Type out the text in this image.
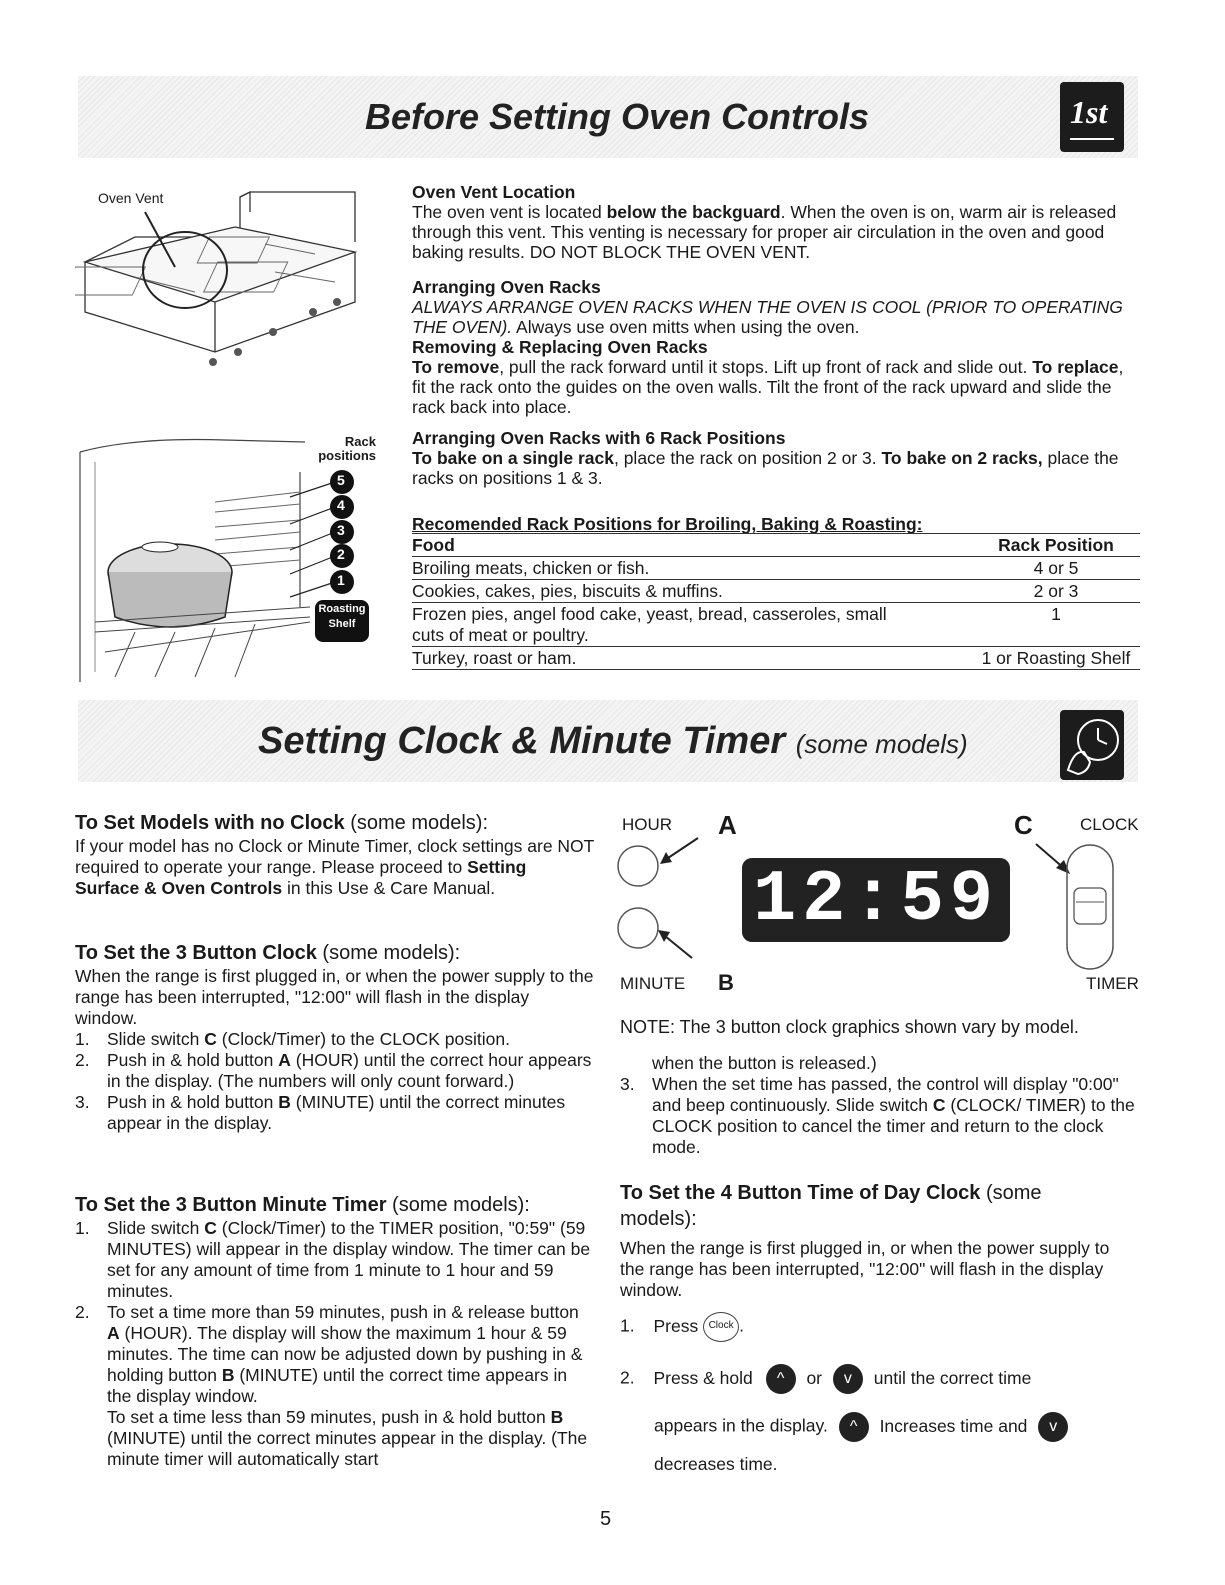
Before Setting Oven Controls	1st
Oven Vent
5
4
3
2
1
Roasting Shelf
Rack positions
Oven Vent Location
The oven vent is located below the backguard. When the oven is on, warm air is released through this vent. This venting is necessary for proper air circulation in the oven and good baking results. DO NOT BLOCK THE OVEN VENT.
Arranging Oven Racks
ALWAYS ARRANGE OVEN RACKS WHEN THE OVEN IS COOL (PRIOR TO OPERATING THE OVEN). Always use oven mitts when using the oven.
Removing & Replacing Oven Racks
To remove, pull the rack forward until it stops. Lift up front of rack and slide out. To replace, fit the rack onto the guides on the oven walls. Tilt the front of the rack upward and slide the rack back into place.
Arranging Oven Racks with 6 Rack Positions
To bake on a single rack, place the rack on position 2 or 3. To bake on 2 racks, place the racks on positions 1 & 3.
Recomended Rack Positions for Broiling, Baking & Roasting:
Food	Rack Position
Broiling meats, chicken or fish.	4 or 5
Cookies, cakes, pies, biscuits & muffins.	2 or 3
Frozen pies, angel food cake, yeast, bread, casseroles, small	1
cuts of meat or poultry.
Turkey, roast or ham.	1 or Roasting Shelf
Setting Clock & Minute Timer (some models)
To Set Models with no Clock (some models):
If your model has no Clock or Minute Timer, clock settings are NOT required to operate your range. Please proceed to Setting Surface & Oven Controls in this Use & Care Manual.
To Set the 3 Button Clock (some models):
When the range is first plugged in, or when the power supply to the range has been interrupted, "12:00" will flash in the display window.
1. Slide switch C (Clock/Timer) to the CLOCK position.
2. Push in & hold button A (HOUR) until the correct hour appears in the display. (The numbers will only count forward.)
3. Push in & hold button B (MINUTE) until the correct minutes appear in the display.
To Set the 3 Button Minute Timer (some models):
1. Slide switch C (Clock/Timer) to the TIMER position, "0:59" (59 MINUTES) will appear in the display window. The timer can be set for any amount of time from 1 minute to 1 hour and 59 minutes.
2. To set a time more than 59 minutes, push in & release button A (HOUR). The display will show the maximum 1 hour & 59 minutes. The time can now be adjusted down by pushing in & holding button B (MINUTE) until the correct time appears in the display window.
To set a time less than 59 minutes, push in & hold button B (MINUTE) until the correct minutes appear in the display. (The minute timer will automatically start
HOUR A	C	CLOCK
12:59
MINUTE B	TIMER
NOTE: The 3 button clock graphics shown vary by model.
when the button is released.)
3. When the set time has passed, the control will display "0:00" and beep continuously. Slide switch C (CLOCK/ TIMER) to the CLOCK position to cancel the timer and return to the clock mode.
To Set the 4 Button Time of Day Clock (some models):
When the range is first plugged in, or when the power supply to the range has been interrupted, "12:00" will flash in the display window.
1. Press Clock .
2. Press & hold ^ or v until the correct time
appears in the display. ^ Increases time and v
decreases time.
5
